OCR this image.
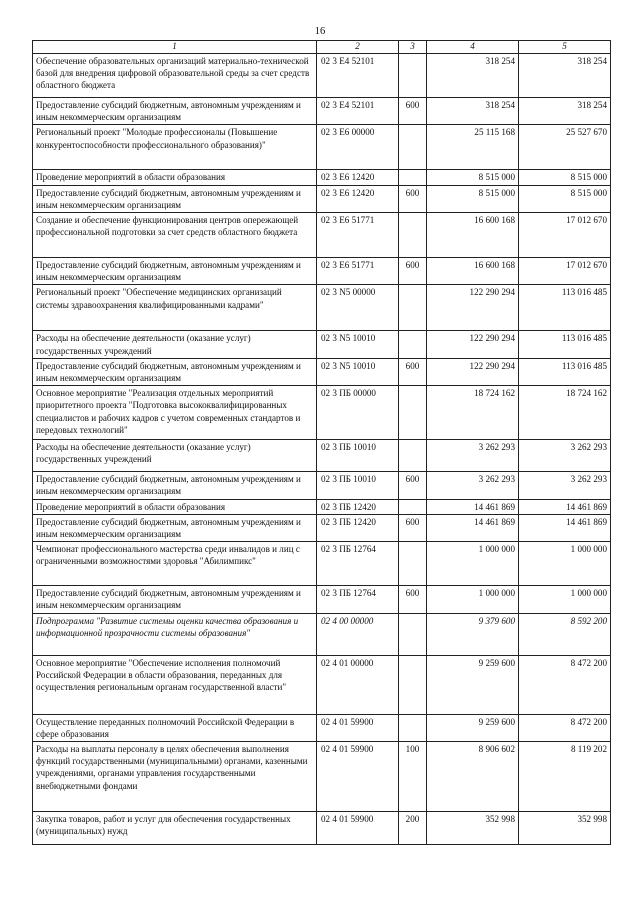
16
1	2	3	4	5
Обеспечение образовательных организаций материально-технической базой для внедрения цифровой образовательной среды за счет средств областного бюджета	02 3 Е4 52101		318 254	318 254
Предоставление субсидий бюджетным, автономным учреждениям и иным некоммерческим организациям	02 3 Е4 52101	600	318 254	318 254
Региональный проект "Молодые профессионалы (Повышение конкурентоспособности профессионального образования)"	02 3 Е6 00000		25 115 168	25 527 670
Проведение мероприятий в области образования	02 3 Е6 12420		8 515 000	8 515 000
Предоставление субсидий бюджетным, автономным учреждениям и иным некоммерческим организациям	02 3 Е6 12420	600	8 515 000	8 515 000
Создание и обеспечение функционирования центров опережающей профессиональной подготовки за счет средств областного бюджета	02 3 Е6 51771		16 600 168	17 012 670
Предоставление субсидий бюджетным, автономным учреждениям и иным некоммерческим организациям	02 3 Е6 51771	600	16 600 168	17 012 670
Региональный проект "Обеспечение медицинских организаций системы здравоохранения квалифицированными кадрами"	02 3 N5 00000		122 290 294	113 016 485
Расходы на обеспечение деятельности (оказание услуг) государственных учреждений	02 3 N5 10010		122 290 294	113 016 485
Предоставление субсидий бюджетным, автономным учреждениям и иным некоммерческим организациям	02 3 N5 10010	600	122 290 294	113 016 485
Основное мероприятие "Реализация отдельных мероприятий приоритетного проекта "Подготовка высококвалифицированных специалистов и рабочих кадров с учетом современных стандартов и передовых технологий"	02 3 ПБ 00000		18 724 162	18 724 162
Расходы на обеспечение деятельности (оказание услуг) государственных учреждений	02 3 ПБ 10010		3 262 293	3 262 293
Предоставление субсидий бюджетным, автономным учреждениям и иным некоммерческим организациям	02 3 ПБ 10010	600	3 262 293	3 262 293
Проведение мероприятий в области образования	02 3 ПБ 12420		14 461 869	14 461 869
Предоставление субсидий бюджетным, автономным учреждениям и иным некоммерческим организациям	02 3 ПБ 12420	600	14 461 869	14 461 869
Чемпионат профессионального мастерства среди инвалидов и лиц с ограниченными возможностями здоровья "Абилимпикс"	02 3 ПБ 12764		1 000 000	1 000 000
Предоставление субсидий бюджетным, автономным учреждениям и иным некоммерческим организациям	02 3 ПБ 12764	600	1 000 000	1 000 000
Подпрограмма "Развитие системы оценки качества образования и информационной прозрачности системы образования"	02 4 00 00000		9 379 600	8 592 200
Основное мероприятие "Обеспечение исполнения полномочий Российской Федерации в области образования, переданных для осуществления региональным органам государственной власти"	02 4 01 00000		9 259 600	8 472 200
Осуществление переданных полномочий Российской Федерации в сфере образования	02 4 01 59900		9 259 600	8 472 200
Расходы на выплаты персоналу в целях обеспечения выполнения функций государственными (муниципальными) органами, казенными учреждениями, органами управления государственными внебюджетными фондами	02 4 01 59900	100	8 906 602	8 119 202
Закупка товаров, работ и услуг для обеспечения государственных (муниципальных) нужд	02 4 01 59900	200	352 998	352 998
